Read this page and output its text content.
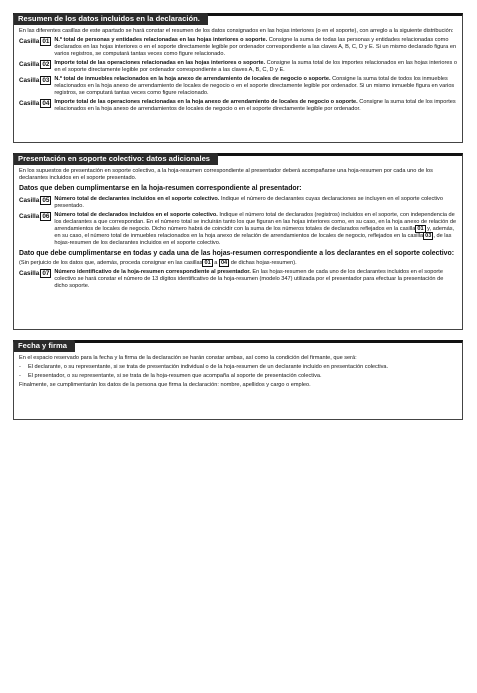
Resumen de los datos incluidos en la declaración.

En las diferentes casillas de este apartado se hará constar el resumen de los datos consignados en las hojas interiores (o en el soporte), con arreglo a la siguiente distribución:

Casilla 01 N.º total de personas y entidades relacionadas en las hojas interiores o soporte. Consigne la suma de todas las personas y entidades relacionadas como declarados en las hojas interiores o en el soporte directamente legible por ordenador correspondiente a las claves A, B, C, D y E. Si un mismo declarado figura en varios registros, se computará tantas veces como figure relacionado.
Casilla 02 Importe total de las operaciones relacionadas en las hojas interiores o soporte. Consigne la suma total de los importes relacionados en las hojas interiores o en el soporte directamente legible por ordenador correspondiente a las claves A, B, C, D y E.
Casilla 03 N.º total de inmuebles relacionados en la hoja anexo de arrendamiento de locales de negocio o soporte. Consigne la suma total de todos los inmuebles relacionados en la hoja anexo de arrendamiento de locales de negocio o en el soporte directamente legible por ordenador. Si un mismo inmueble figura en varios registros, se computará tantas veces como figure relacionado.
Casilla 04 Importe total de las operaciones relacionadas en la hoja anexo de arrendamiento de locales de negocio o soporte. Consigne la suma total de los importes relacionados en la hoja anexo de arrendamientos de locales de negocio o en el soporte directamente legible por ordenador.
Presentación en soporte colectivo: datos adicionales

En los supuestos de presentación en soporte colectivo, a la hoja-resumen correspondiente al presentador deberá acompañarse una hoja-resumen por cada uno de los declarantes incluidos en el soporte presentado.

Datos que deben cumplimentarse en la hoja-resumen correspondiente al presentador:
Casilla 05 Número total de declarantes incluidos en el soporte colectivo. Indique el número de declarantes cuyas declaraciones se incluyen en el soporte colectivo presentado.
Casilla 06 Número total de declarados incluidos en el soporte colectivo. Indique el número total de declarados (registros) incluidos en el soporte, con independencia de los declarantes a que correspondan. En el número total se incluirán tanto los que figuran en las hojas interiores como, en su caso, en la hoja anexo de relación de arrendamientos de locales de negocio. Dicho número habrá de coincidir con la suma de los números totales de declarados reflejados en la casilla 01 y, además, en su caso, el número total de inmuebles relacionados en la hoja anexo de relación de arrendamientos de locales de negocio, reflejados en la casilla 03 , de las hojas-resumen de los declarantes incluidos en el soporte colectivo.
Dato que debe cumplimentarse en todas y cada una de las hojas-resumen correspondiente a los declarantes en el soporte colectivo:

(Sin perjuicio de los datos que, además, proceda consignar en las casillas 01 a 04 de dichas hojas-resumen).

Casilla 07 Número identificativo de la hoja-resumen correspondiente al presentador. En las hojas-resumen de cada uno de los declarantes incluidos en el soporte colectivo se hará constar el número de 13 dígitos identificativo de la hoja-resumen (modelo 347) utilizada por el presentador para efectuar la presentación de dicho soporte.
Fecha y firma

En el espacio reservado para la fecha y la firma de la declaración se harán constar ambas, así como la condición del firmante, que será:

-	El declarante, o su representante, si se trata de presentación individual o de la hoja-resumen de un declarante incluido en presentación colectiva.
-	El presentador, o su representante, si se trata de la hoja-resumen que acompaña al soporte de presentación colectiva.

Finalmente, se cumplimentarán los datos de la persona que firma la declaración: nombre, apellidos y cargo o empleo.
